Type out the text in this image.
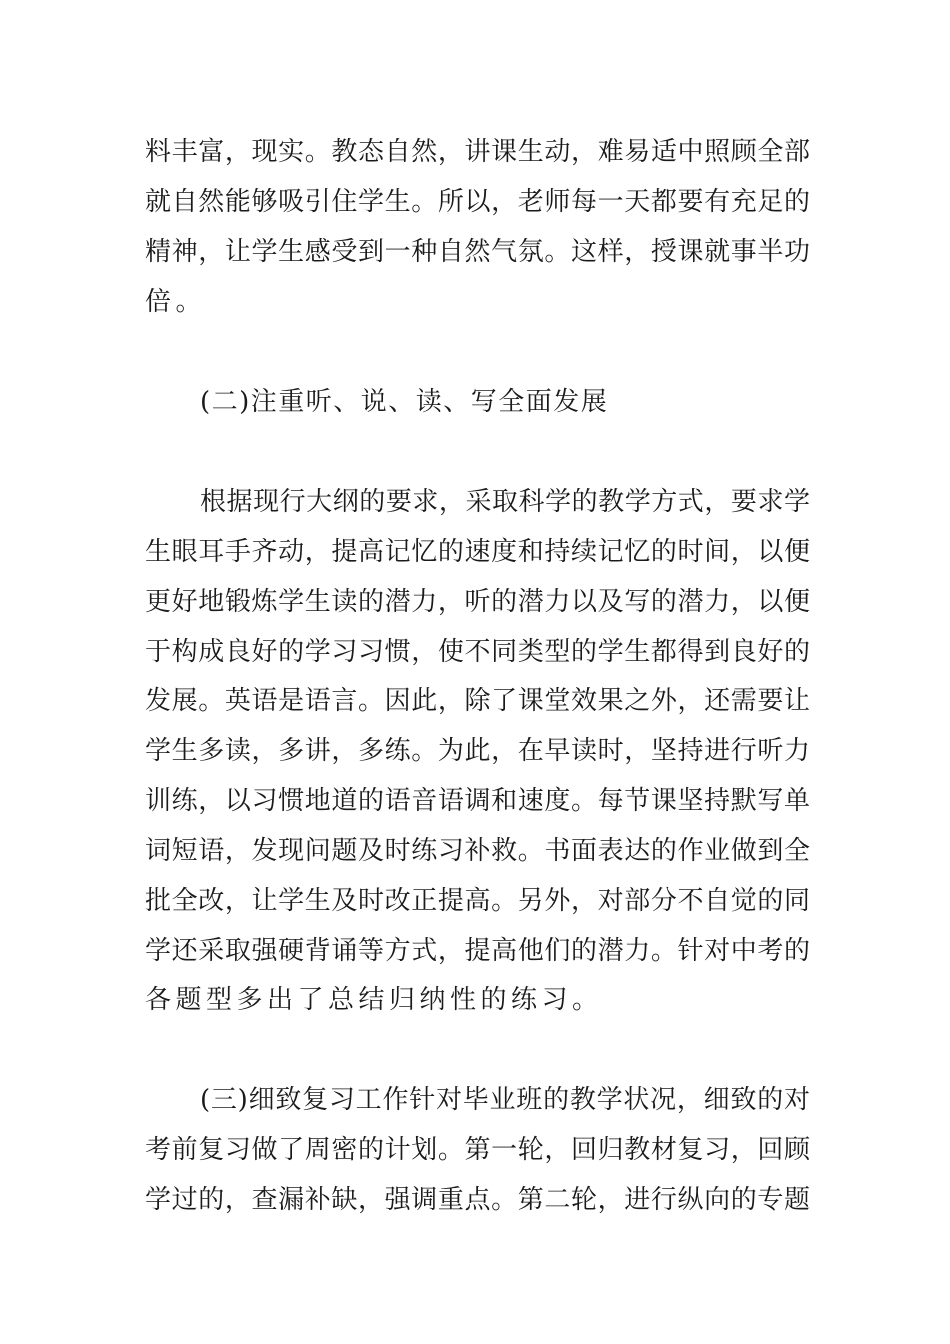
料丰富，现实。教态自然，讲课生动，难易适中照顾全部
就自然能够吸引住学生。所以，老师每一天都要有充足的
精神，让学生感受到一种自然气氛。这样，授课就事半功
倍。
(二)注重听、说、读、写全面发展
根据现行大纲的要求，采取科学的教学方式，要求学
生眼耳手齐动，提高记忆的速度和持续记忆的时间，以便
更好地锻炼学生读的潜力，听的潜力以及写的潜力，以便
于构成良好的学习习惯，使不同类型的学生都得到良好的
发展。英语是语言。因此，除了课堂效果之外，还需要让
学生多读，多讲，多练。为此，在早读时，坚持进行听力
训练，以习惯地道的语音语调和速度。每节课坚持默写单
词短语，发现问题及时练习补救。书面表达的作业做到全
批全改，让学生及时改正提高。另外，对部分不自觉的同
学还采取强硬背诵等方式，提高他们的潜力。针对中考的
各题型多出了总结归纳性的练习。
(三)细致复习工作针对毕业班的教学状况，细致的对
考前复习做了周密的计划。第一轮，回归教材复习，回顾
学过的，查漏补缺，强调重点。第二轮，进行纵向的专题
